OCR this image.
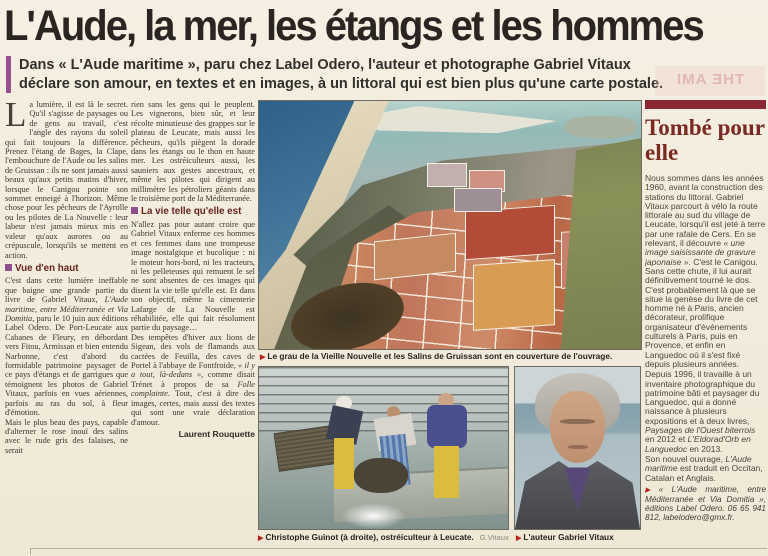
L'Aude, la mer, les étangs et les hommes
Dans « L'Aude maritime », paru chez Label Odero, l'auteur et photographe Gabriel Vitaux déclare son amour, en textes et en images, à un littoral qui est bien plus qu'une carte postale. THE AMI

La lumière, il est là le secret. Qu'il s'agisse de paysages ou de gens au travail, c'est l'angle des rayons du soleil qui fait toujours la différence. Prenez l'étang de Bages, la Clape, l'embouchure de l'Aude ou les salins de Gruissan : ils ne sont jamais aussi beaux qu'aux petits matins d'hiver, lorsque le Canigou pointe son sommet enneigé à l'horizon. Même chose pour les pêcheurs de l'Ayrolle ou les pilotes de La Nouvelle : leur labeur n'est jamais mieux mis en valeur qu'aux aurores ou au crépuscule, lorsqu'ils se mettent en action.

Vue d'en haut

C'est dans cette lumière ineffable que baigne une grande partie du livre de Gabriel Vitaux, L'Aude maritime, entre Méditerranée et Via Domitia, paru le 10 juin aux éditions Label Odero. De Port-Leucate aux Cabanes de Fleury, en débordant vers Fitou, Armissan et bien entendu Narbonne, c'est d'abord du formidable patrimoine paysager de ce pays d'étangs et de garrigues que témoignent les photos de Gabriel Vitaux, parfois en vues aériennes, parfois au ras du sol, à fleur d'émotion.

Mais le plus beau des pays, capable d'alterner le rose inouï des salins avec le rude gris des falaises, ne serait

rien sans les gens qui le peuplent. Les vignerons, bien sûr, et leur récolte minutieuse des grappes sur le plateau de Leucate, mais aussi les pêcheurs, qu'ils piègent la dorade dans les étangs ou le thon en haute mer. Les ostréiculteurs aussi, les sauniers aux gestes ancestraux, et même les pilotes qui dirigent au millimètre les pétroliers géants dans le troisième port de la Méditerranée.

La vie telle qu'elle est

N'allez pas pour autant croire que Gabriel Vitaux enferme ces hommes et ces femmes dans une trompeuse image nostalgique et bucolique : ni le moteur hors-bord, ni les tracteurs, ni les pelleteuses qui remuent le sel ne sont absentes de ces images qui disent la vie telle qu'elle est. Et dans son objectif, même la cimenterie Lafarge de La Nouvelle est réhabilitée, elle qui fait résolument partie du paysage…

Des tempêtes d'hiver aux lions de Sigean, des vols de flamands aux cactées de Feuilla, des caves de Portel à l'abbaye de Fontfroide, « il y a tout, là-dedans », comme disait Trénet à propos de sa Folle complainte. Tout, c'est à dire des images, certes, mais aussi des textes qui sont une vraie déclaration d'amour.

Laurent Rouquette
▶ Le grau de la Vieille Nouvelle et les Salins de Gruissan sont en couverture de l'ouvrage.
▶ Christophe Guinot (à droite), ostréiculteur à Leucate. G.Vitaux ▶ L'auteur Gabriel Vitaux
Tombé pour elle

Nous sommes dans les années 1960, avant la construction des stations du littoral. Gabriel Vitaux parcourt à vélo la route littorale au sud du village de Leucate, lorsqu'il est jeté à terre par une rafale de Cers. En se relevant, il découvre « une image saisissante de gravure japonaise ». C'est le Canigou. Sans cette chute, il lui aurait définitivement tourné le dos. C'est probablement là que se situe la genèse du livre de cet homme né à Paris, ancien décorateur, prolifique organisateur d'événements culturels à Paris, puis en Provence, et enfin en Languedoc où il s'est fixé depuis plusieurs années.

Depuis 1996, il travaille à un inventaire photographique du patrimoine bâti et paysager du Languedoc, qui a donné naissance à plusieurs expositions et à deux livres, Paysages de l'Ouest biterrois en 2012 et L'Eldorad'Orb en Languedoc en 2013.

Son nouvel ouvrage, L'Aude maritime est traduit en Occitan, Catalan et Anglais.

▶ « L'Aude maritime, entre Méditerranée et Via Domitia », éditions Label Odero. 06 65 941 812, labelodero@gmx.fr.
